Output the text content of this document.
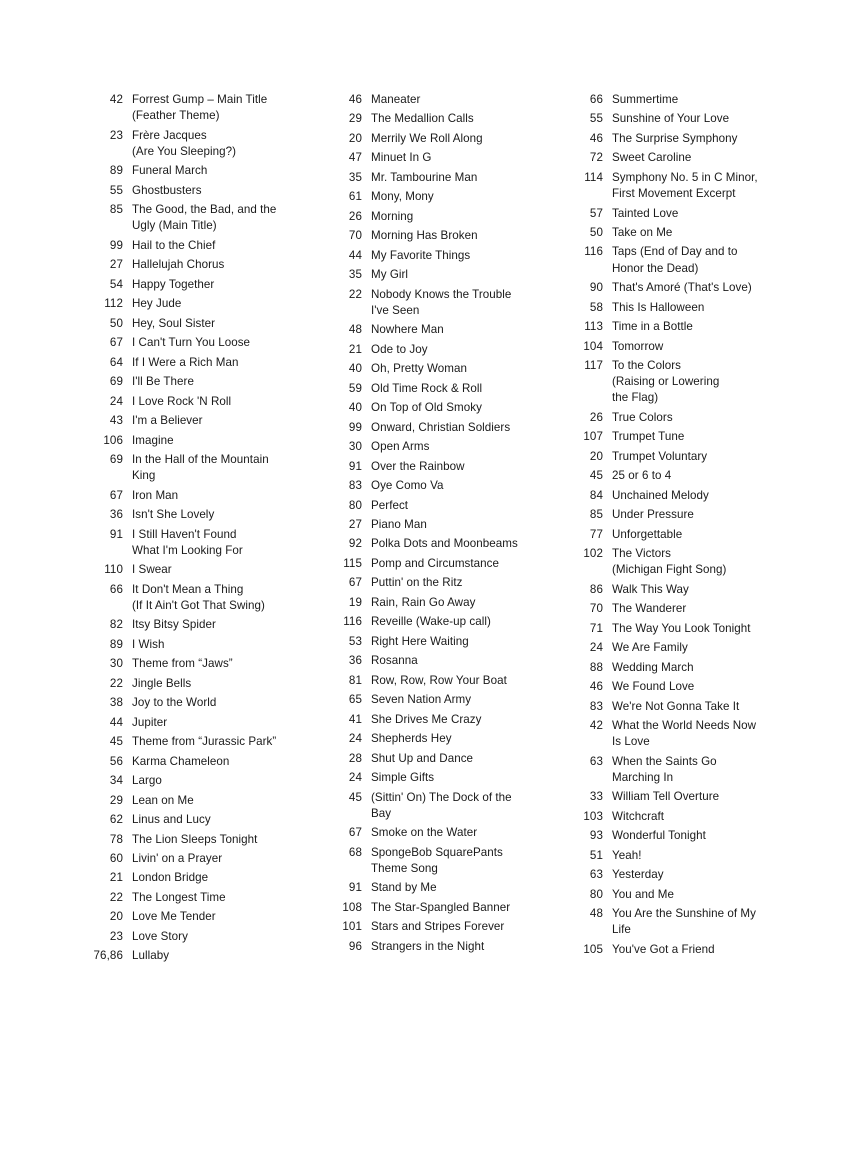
42 Forrest Gump – Main Title
(Feather Theme)
23 Frère Jacques
(Are You Sleeping?)
89 Funeral March
55 Ghostbusters
85 The Good, the Bad, and the
Ugly (Main Title)
99 Hail to the Chief
27 Hallelujah Chorus
54 Happy Together
112 Hey Jude
50 Hey, Soul Sister
67 I Can't Turn You Loose
64 If I Were a Rich Man
69 I'll Be There
24 I Love Rock 'N Roll
43 I'm a Believer
106 Imagine
69 In the Hall of the Mountain
King
67 Iron Man
36 Isn't She Lovely
91 I Still Haven't Found
What I'm Looking For
110 I Swear
66 It Don't Mean a Thing
(If It Ain't Got That Swing)
82 Itsy Bitsy Spider
89 I Wish
30 Theme from “Jaws”
22 Jingle Bells
38 Joy to the World
44 Jupiter
45 Theme from “Jurassic Park”
56 Karma Chameleon
34 Largo
29 Lean on Me
62 Linus and Lucy
78 The Lion Sleeps Tonight
60 Livin' on a Prayer
21 London Bridge
22 The Longest Time
20 Love Me Tender
23 Love Story
76,86 Lullaby
46 Maneater
29 The Medallion Calls
20 Merrily We Roll Along
47 Minuet In G
35 Mr. Tambourine Man
61 Mony, Mony
26 Morning
70 Morning Has Broken
44 My Favorite Things
35 My Girl
22 Nobody Knows the Trouble
I've Seen
48 Nowhere Man
21 Ode to Joy
40 Oh, Pretty Woman
59 Old Time Rock & Roll
40 On Top of Old Smoky
99 Onward, Christian Soldiers
30 Open Arms
91 Over the Rainbow
83 Oye Como Va
80 Perfect
27 Piano Man
92 Polka Dots and Moonbeams
115 Pomp and Circumstance
67 Puttin' on the Ritz
19 Rain, Rain Go Away
116 Reveille (Wake-up call)
53 Right Here Waiting
36 Rosanna
81 Row, Row, Row Your Boat
65 Seven Nation Army
41 She Drives Me Crazy
24 Shepherds Hey
28 Shut Up and Dance
24 Simple Gifts
45 (Sittin' On) The Dock of the
Bay
67 Smoke on the Water
68 SpongeBob SquarePants
Theme Song
91 Stand by Me
108 The Star-Spangled Banner
101 Stars and Stripes Forever
96 Strangers in the Night
66 Summertime
55 Sunshine of Your Love
46 The Surprise Symphony
72 Sweet Caroline
114 Symphony No. 5 in C Minor,
First Movement Excerpt
57 Tainted Love
50 Take on Me
116 Taps (End of Day and to
Honor the Dead)
90 That's Amoré (That's Love)
58 This Is Halloween
113 Time in a Bottle
104 Tomorrow
117 To the Colors
(Raising or Lowering
the Flag)
26 True Colors
107 Trumpet Tune
20 Trumpet Voluntary
45 25 or 6 to 4
84 Unchained Melody
85 Under Pressure
77 Unforgettable
102 The Victors
(Michigan Fight Song)
86 Walk This Way
70 The Wanderer
71 The Way You Look Tonight
24 We Are Family
88 Wedding March
46 We Found Love
83 We're Not Gonna Take It
42 What the World Needs Now
Is Love
63 When the Saints Go
Marching In
33 William Tell Overture
103 Witchcraft
93 Wonderful Tonight
51 Yeah!
63 Yesterday
80 You and Me
48 You Are the Sunshine of My
Life
105 You've Got a Friend
